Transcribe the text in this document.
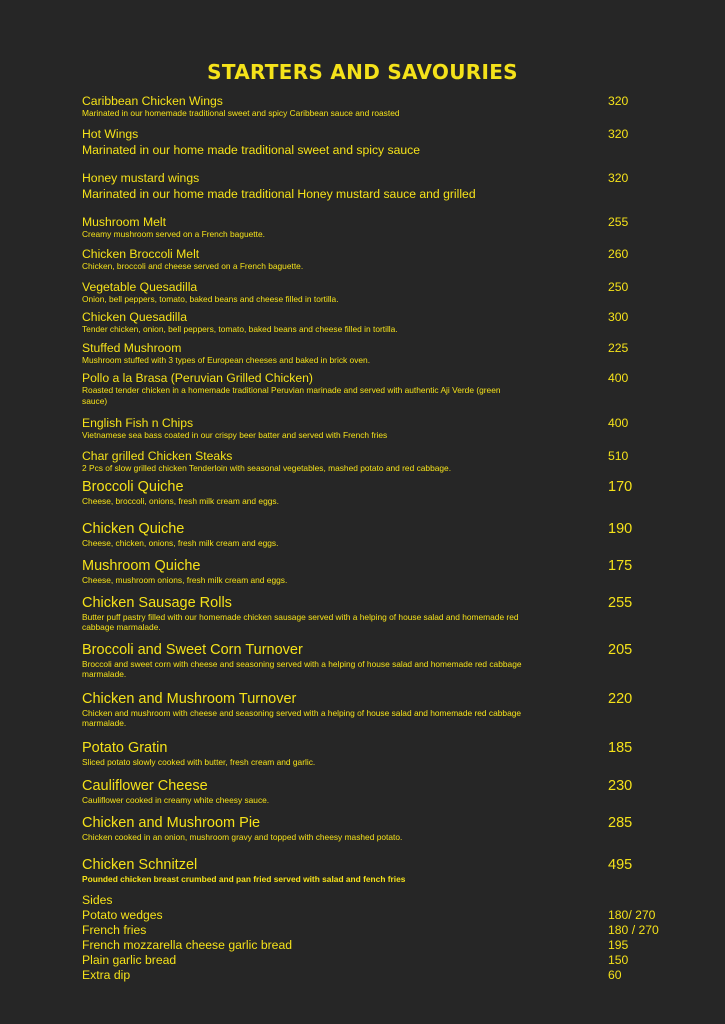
STARTERS AND SAVOURIES
Caribbean Chicken Wings
Marinated in our homemade traditional sweet and spicy Caribbean sauce and roasted
320
Hot Wings
Marinated in our home made traditional sweet and spicy sauce
320
Honey mustard wings
Marinated in our home made traditional Honey mustard sauce and grilled
320
Mushroom Melt
Creamy mushroom served on a French baguette.
255
Chicken Broccoli Melt
Chicken, broccoli and cheese served on a French baguette.
260
Vegetable Quesadilla
Onion, bell peppers, tomato, baked beans and cheese filled in tortilla.
250
Chicken Quesadilla
Tender chicken, onion, bell peppers, tomato, baked beans and cheese filled in tortilla.
300
Stuffed Mushroom
Mushroom stuffed with 3 types of European cheeses and baked in brick oven.
225
Pollo a la Brasa (Peruvian Grilled Chicken)
Roasted tender chicken in a homemade traditional Peruvian marinade and served with authentic Aji Verde (green sauce)
400
English Fish n Chips
Vietnamese sea bass coated in our crispy beer batter and served with French fries
400
Char grilled Chicken Steaks
2 Pcs of slow grilled chicken Tenderloin with seasonal vegetables, mashed potato and red cabbage.
510
Broccoli Quiche
Cheese, broccoli, onions, fresh milk cream and eggs.
170
Chicken Quiche
Cheese, chicken, onions, fresh milk cream and eggs.
190
Mushroom Quiche
Cheese, mushroom onions, fresh milk cream and eggs.
175
Chicken Sausage Rolls
Butter puff pastry filled with our homemade chicken sausage served with a helping of house salad and homemade red cabbage marmalade.
255
Broccoli and Sweet Corn Turnover
Broccoli and sweet corn with cheese and seasoning served with a helping of house salad and homemade red cabbage marmalade.
205
Chicken and Mushroom Turnover
Chicken and mushroom with cheese and seasoning served with a helping of house salad and homemade red cabbage marmalade.
220
Potato Gratin
Sliced potato slowly cooked with butter, fresh cream and garlic.
185
Cauliflower Cheese
Cauliflower cooked in creamy white cheesy sauce.
230
Chicken and Mushroom Pie
Chicken cooked in an onion, mushroom gravy and topped with cheesy mashed potato.
285
Chicken Schnitzel
Pounded chicken breast crumbed and pan fried served with salad and fench fries
495
Sides
Potato wedges	180/ 270
French fries	180 / 270
French mozzarella cheese garlic bread	195
Plain garlic bread	150
Extra dip	60
